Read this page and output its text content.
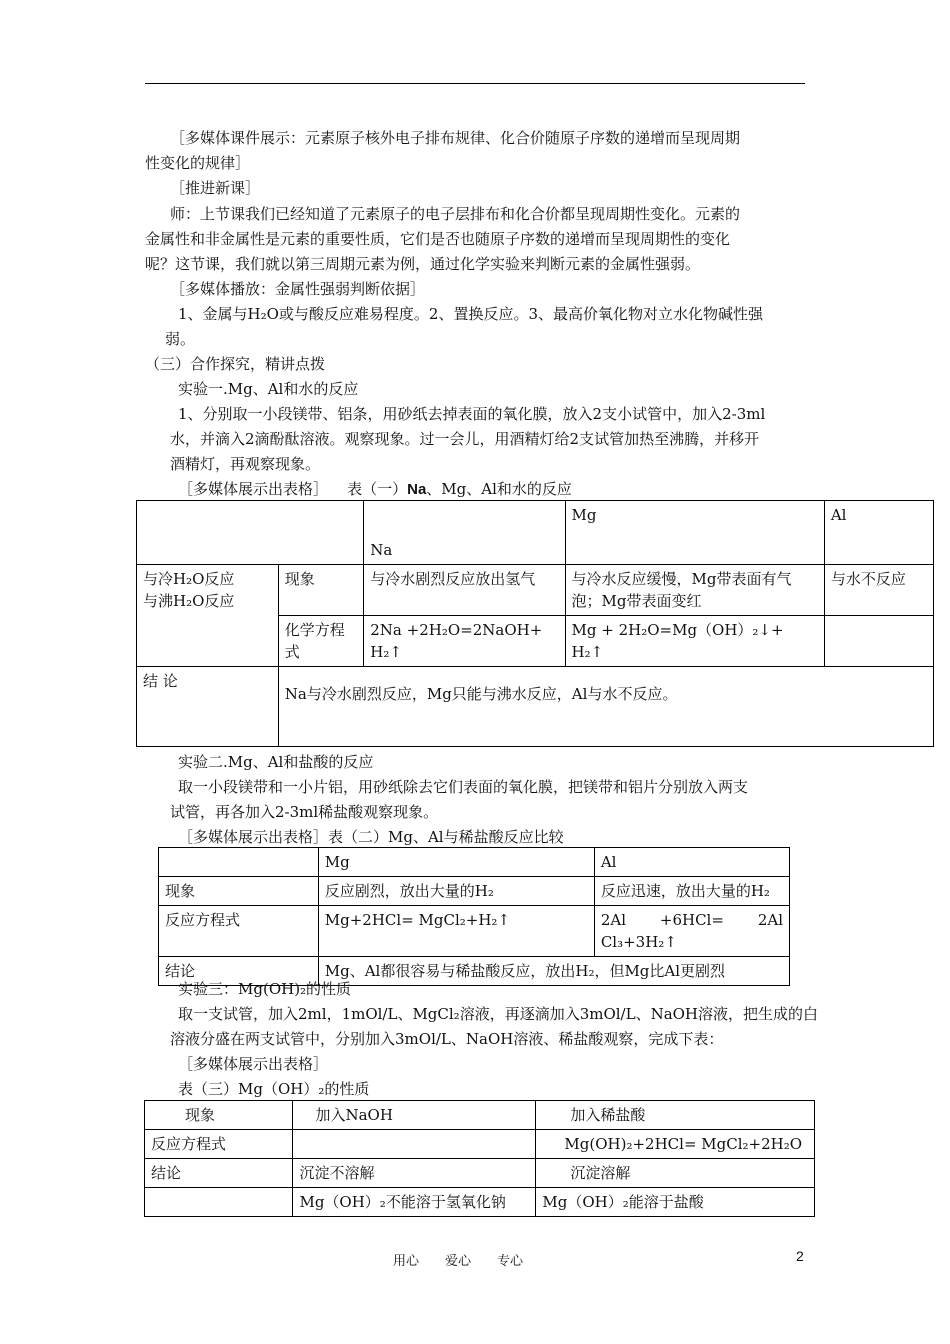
［多媒体课件展示：元素原子核外电子排布规律、化合价随原子序数的递增而呈现周期
性变化的规律］
［推进新课］
师：上节课我们已经知道了元素原子的电子层排布和化合价都呈现周期性变化。元素的
金属性和非金属性是元素的重要性质，它们是否也随原子序数的递增而呈现周期性的变化
呢？这节课，我们就以第三周期元素为例，通过化学实验来判断元素的金属性强弱。
［多媒体播放：金属性强弱判断依据］
1、金属与H₂O或与酸反应难易程度。2、置换反应。3、最高价氧化物对立水化物碱性强
弱。
（三）合作探究，精讲点拨
实验一.Mg、Al和水的反应
1、分别取一小段镁带、铝条，用砂纸去掉表面的氧化膜，放入2支小试管中，加入2-3ml
水，并滴入2滴酚酞溶液。观察现象。过一会儿，用酒精灯给2支试管加热至沸腾，并移开
酒精灯，再观察现象。
［多媒体展示出表格］ 表（一）Na、Mg、Al和水的反应
		Na	Mg	Al

与冷H₂O反应
与沸H₂O反应	现象	与冷水剧烈反应放出氢气	与冷水反应缓慢，Mg带表面有气泡；Mg带表面变红	与水不反应
	化学方程式	2Na +2H₂O=2NaOH+ H₂↑	Mg + 2H₂O=Mg（OH）₂↓+ H₂↑	
结 论	Na与冷水剧烈反应，Mg只能与沸水反应，Al与水不反应。			
实验二.Mg、Al和盐酸的反应
取一小段镁带和一小片铝，用砂纸除去它们表面的氧化膜，把镁带和铝片分别放入两支
试管，再各加入2-3ml稀盐酸观察现象。
［多媒体展示出表格］表（二）Mg、Al与稀盐酸反应比较
	Mg	Al
现象	反应剧烈，放出大量的H₂	反应迅速，放出大量的H₂
反应方程式	Mg+2HCl= MgCl₂+H₂↑	2Al +6HCl= 2Al
Cl₃+3H₂↑

结论	Mg、Al都很容易与稀盐酸反应，放出H₂，但Mg比Al更剧烈	
实验三：Mg(OH)₂的性质
取一支试管，加入2ml，1mOl/L、MgCl₂溶液，再逐滴加入3mOl/L、NaOH溶液，把生成的白
溶液分盛在两支试管中，分别加入3mOl/L、NaOH溶液、稀盐酸观察，完成下表：
［多媒体展示出表格］
表（三）Mg（OH）₂的性质
现象	加入NaOH	加入稀盐酸
反应方程式		Mg(OH)₂+2HCl= MgCl₂+2H₂O
结论	沉淀不溶解	沉淀溶解
	Mg（OH）₂不能溶于氢氧化钠	Mg（OH）₂能溶于盐酸
用心　　爱心　　专心	2
